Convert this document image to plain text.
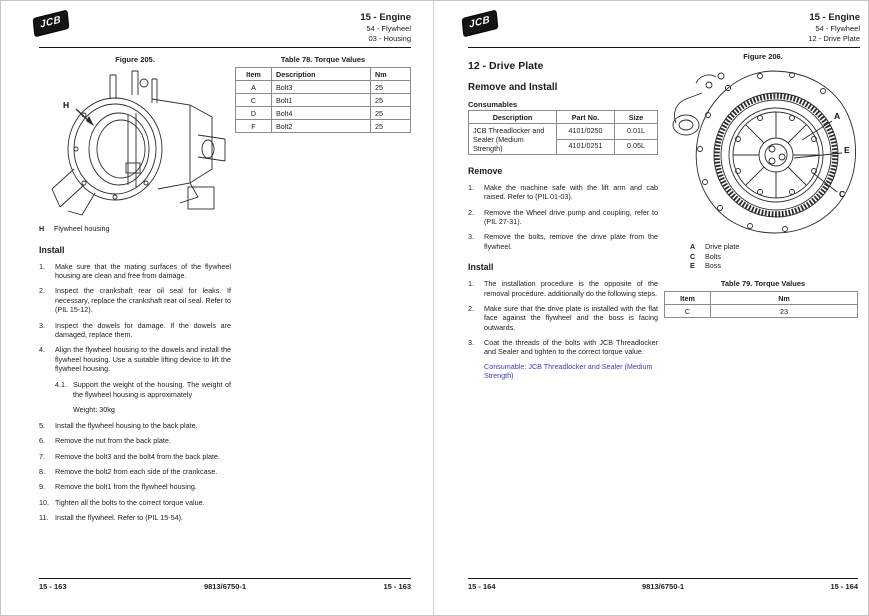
JCB	15 - Engine
54 - Flywheel
03 - Housing
Figure 205.
H
H	Flywheel housing
Table 78. Torque Values
Item	Description	Nm
A	Bolt3	25
C	Bolt1	25
D	Bolt4	25
F	Bolt2	25
Install
1.	Make sure that the mating surfaces of the flywheel housing are clean and free from damage.
2.	Inspect the crankshaft rear oil seal for leaks. If necessary, replace the crankshaft rear oil seal. Refer to (PIL 15-12).
3.	Inspect the dowels for damage. If the dowels are damaged, replace them.
4.	Align the flywheel housing to the dowels and install the flywheel housing. Use a suitable lifting device to lift the flywheel housing.
4.1. Support the weight of the housing. The weight of the flywheel housing is approximately
Weight: 30kg
5.	Install the flywheel housing to the back plate.
6.	Remove the nut from the back plate.
7.	Remove the bolt3 and the bolt4 from the back plate.
8.	Remove the bolt2 from each side of the crankcase.
9.	Remove the bolt1 from the flywheel housing.
10. Tighten all the bolts to the correct torque value.
11. Install the flywheel. Refer to (PIL 15-54).
15 - 163	9813/6750-1	15 - 163
JCB	15 - Engine
54 - Flywheel
12 - Drive Plate
12 - Drive Plate
Remove and Install
Consumables
Description	Part No.	Size
JCB Threadlocker and Sealer (Medium Strength)	4101/0250	0.01L
	4101/0251	0.05L
Remove
1.	Make the machine safe with the lift arm and cab raised. Refer to (PIL 01-03).
2.	Remove the Wheel drive pump and coupling, refer to (PIL 27-31).
3.	Remove the bolts, remove the drive plate from the flywheel.
Install
1.	The installation procedure is the opposite of the removal procedure. additionally do the following steps.
2.	Make sure that the drive plate is installed with the flat face against the flywheel and the boss is facing outwards.
3.	Coat the threads of the bolts with JCB Threadlocker and Sealer and tighten to the correct torque value.
Consumable: JCB Threadlocker and Sealer (Medium Strength)
Figure 206.
A
E
C
A	Drive plate
C	Bolts
E	Boss
Table 79. Torque Values
Item	Nm
C	23
15 - 164	9813/6750-1	15 - 164
